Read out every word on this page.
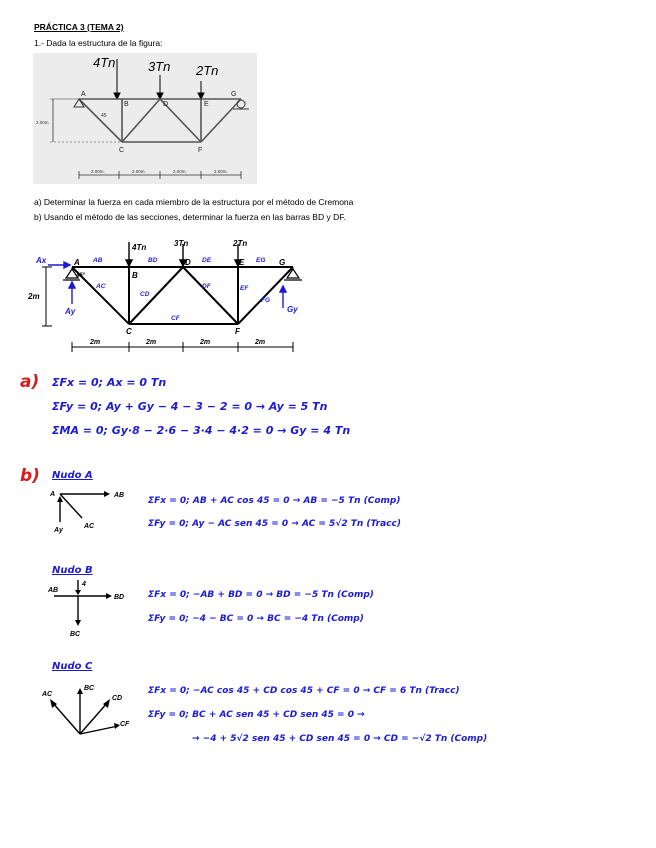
PRÁCTICA 3 (TEMA 2)
1.- Dada la estructura de la figura:
4Tn	3Tn 2Tn
A
B	D	E
G
C	F
45
2.00m.
2.00m.	2.00m.	2.00m.	2.00m.
a) Determinar la fuerza en cada miembro de la estructura por el método de Cremona
b) Usando el método de las secciones, determinar la fuerza en las barras BD y DF.
4Tn	3Tn	2Tn
A
B
D	E	G
C	F
45°
2m
AB	BD	DE	EG
AC
CD
DF	EF
FG
CF
Ax
Ay	Gy
2m	2m	2m	2m
a) ΣFx = 0; Ax = 0 Tn
ΣFy = 0; Ay + Gy − 4 − 3 − 2 = 0 → Ay = 5 Tn
ΣMA = 0; Gy·8 − 2·6 − 3·4 − 4·2 = 0 → Gy = 4 Tn
b) Nudo A
A	AB
Ay
AC
ΣFx = 0; AB + AC cos 45 = 0 → AB = −5 Tn (Comp)
ΣFy = 0; Ay − AC sen 45 = 0 → AC = 5√2 Tn (Tracc)
Nudo B
AB
4
BD
BC
ΣFx = 0; −AB + BD = 0 → BD = −5 Tn (Comp)
ΣFy = 0; −4 − BC = 0 → BC = −4 Tn (Comp)
Nudo C
AC
BC
CD
CF
ΣFx = 0; −AC cos 45 + CD cos 45 + CF = 0 → CF = 6 Tn (Tracc)
ΣFy = 0; BC + AC sen 45 + CD sen 45 = 0 →
→ −4 + 5√2 sen 45 + CD sen 45 = 0 → CD = −√2 Tn (Comp)
